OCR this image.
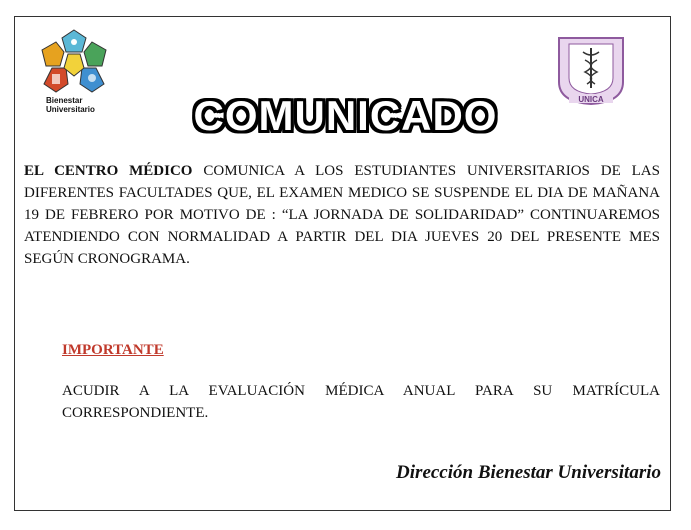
Bienestar
Universitario
UNICA
COMUNICADO
EL CENTRO MÉDICO COMUNICA A LOS ESTUDIANTES UNIVERSITARIOS DE LAS DIFERENTES FACULTADES QUE, EL EXAMEN MEDICO SE SUSPENDE EL DIA DE MAÑANA 19 DE FEBRERO POR MOTIVO DE : “LA JORNADA DE SOLIDARIDAD” CONTINUAREMOS ATENDIENDO CON NORMALIDAD A PARTIR DEL DIA JUEVES 20 DEL PRESENTE MES SEGÚN CRONOGRAMA.
IMPORTANTE
ACUDIR A LA EVALUACIÓN MÉDICA ANUAL PARA SU MATRÍCULA CORRESPONDIENTE.
Dirección Bienestar Universitario
